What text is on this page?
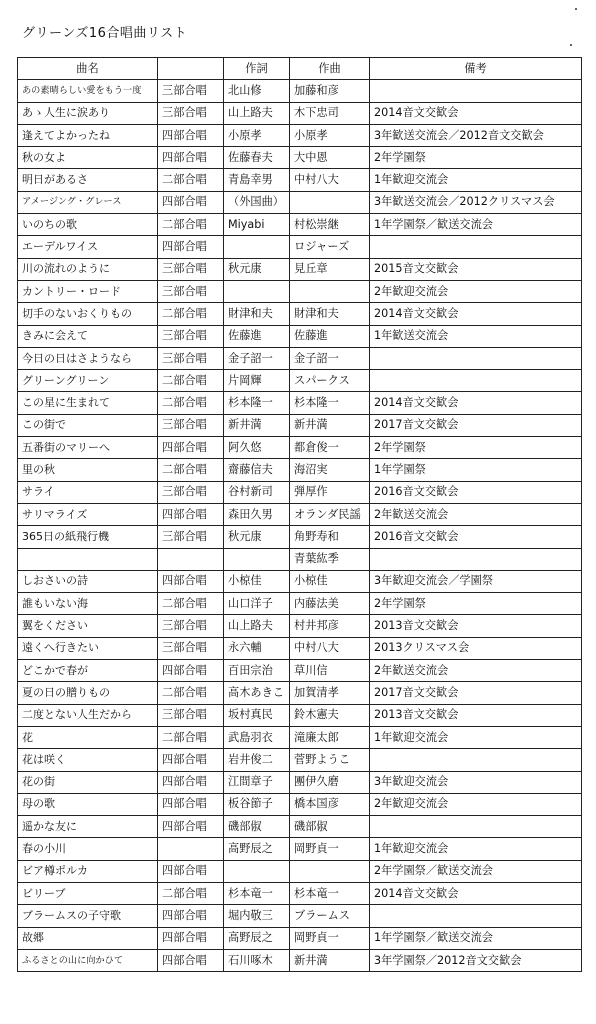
グリーンズ16合唱曲リスト
曲名		作詞	作曲	備考
あの素晴らしい愛をもう一度	三部合唱	北山修	加藤和彦	
あゝ人生に涙あり	三部合唱	山上路夫	木下忠司	2014音文交歓会
逢えてよかったね	四部合唱	小原孝	小原孝	3年歓送交流会／2012音文交歓会
秋の女よ	四部合唱	佐藤春夫	大中恩	2年学園祭
明日があるさ	二部合唱	青島幸男	中村八大	1年歓迎交流会
アメージング・グレース	四部合唱	（外国曲）		3年歓送交流会／2012クリスマス会
いのちの歌	二部合唱	Miyabi	村松崇継	1年学園祭／歓送交流会
エーデルワイス	四部合唱		ロジャーズ	
川の流れのように	三部合唱	秋元康	見丘章	2015音文交歓会
カントリー・ロード	三部合唱			2年歓迎交流会
切手のないおくりもの	二部合唱	財津和夫	財津和夫	2014音文交歓会
きみに会えて	三部合唱	佐藤進	佐藤進	1年歓送交流会
今日の日はさようなら	三部合唱	金子詔一	金子詔一	
グリーングリーン	二部合唱	片岡輝	スパークス	
この星に生まれて	二部合唱	杉本隆一	杉本隆一	2014音文交歓会
この街で	三部合唱	新井満	新井満	2017音文交歓会
五番街のマリーへ	四部合唱	阿久悠	都倉俊一	2年学園祭
里の秋	二部合唱	齋藤信夫	海沼実	1年学園祭
サライ	三部合唱	谷村新司	弾厚作	2016音文交歓会
サリマライズ	四部合唱	森田久男	オランダ民謡	2年歓送交流会
365日の紙飛行機	三部合唱	秋元康	角野寿和	2016音文交歓会
			青葉紘季	
しおさいの詩	四部合唱	小椋佳	小椋佳	3年歓迎交流会／学園祭
誰もいない海	二部合唱	山口洋子	内藤法美	2年学園祭
翼をください	三部合唱	山上路夫	村井邦彦	2013音文交歓会
遠くへ行きたい	三部合唱	永六輔	中村八大	2013クリスマス会
どこかで春が	四部合唱	百田宗治	草川信	2年歓送交流会
夏の日の贈りもの	二部合唱	高木あきこ	加賀清孝	2017音文交歓会
二度とない人生だから	三部合唱	坂村真民	鈴木憲夫	2013音文交歓会
花	二部合唱	武島羽衣	滝廉太郎	1年歓迎交流会
花は咲く	四部合唱	岩井俊二	菅野ようこ	
花の街	四部合唱	江間章子	團伊久磨	3年歓迎交流会
母の歌	四部合唱	板谷節子	橋本国彦	2年歓迎交流会
遥かな友に	四部合唱	磯部俶	磯部俶	
春の小川		高野辰之	岡野貞一	1年歓迎交流会
ビア樽ポルカ	四部合唱			2年学園祭／歓送交流会
ビリーブ	二部合唱	杉本竜一	杉本竜一	2014音文交歓会
ブラームスの子守歌	四部合唱	堀内敬三	ブラームス	
故郷	四部合唱	高野辰之	岡野貞一	1年学園祭／歓送交流会
ふるさとの山に向かひて	四部合唱	石川啄木	新井満	3年学園祭／2012音文交歓会
